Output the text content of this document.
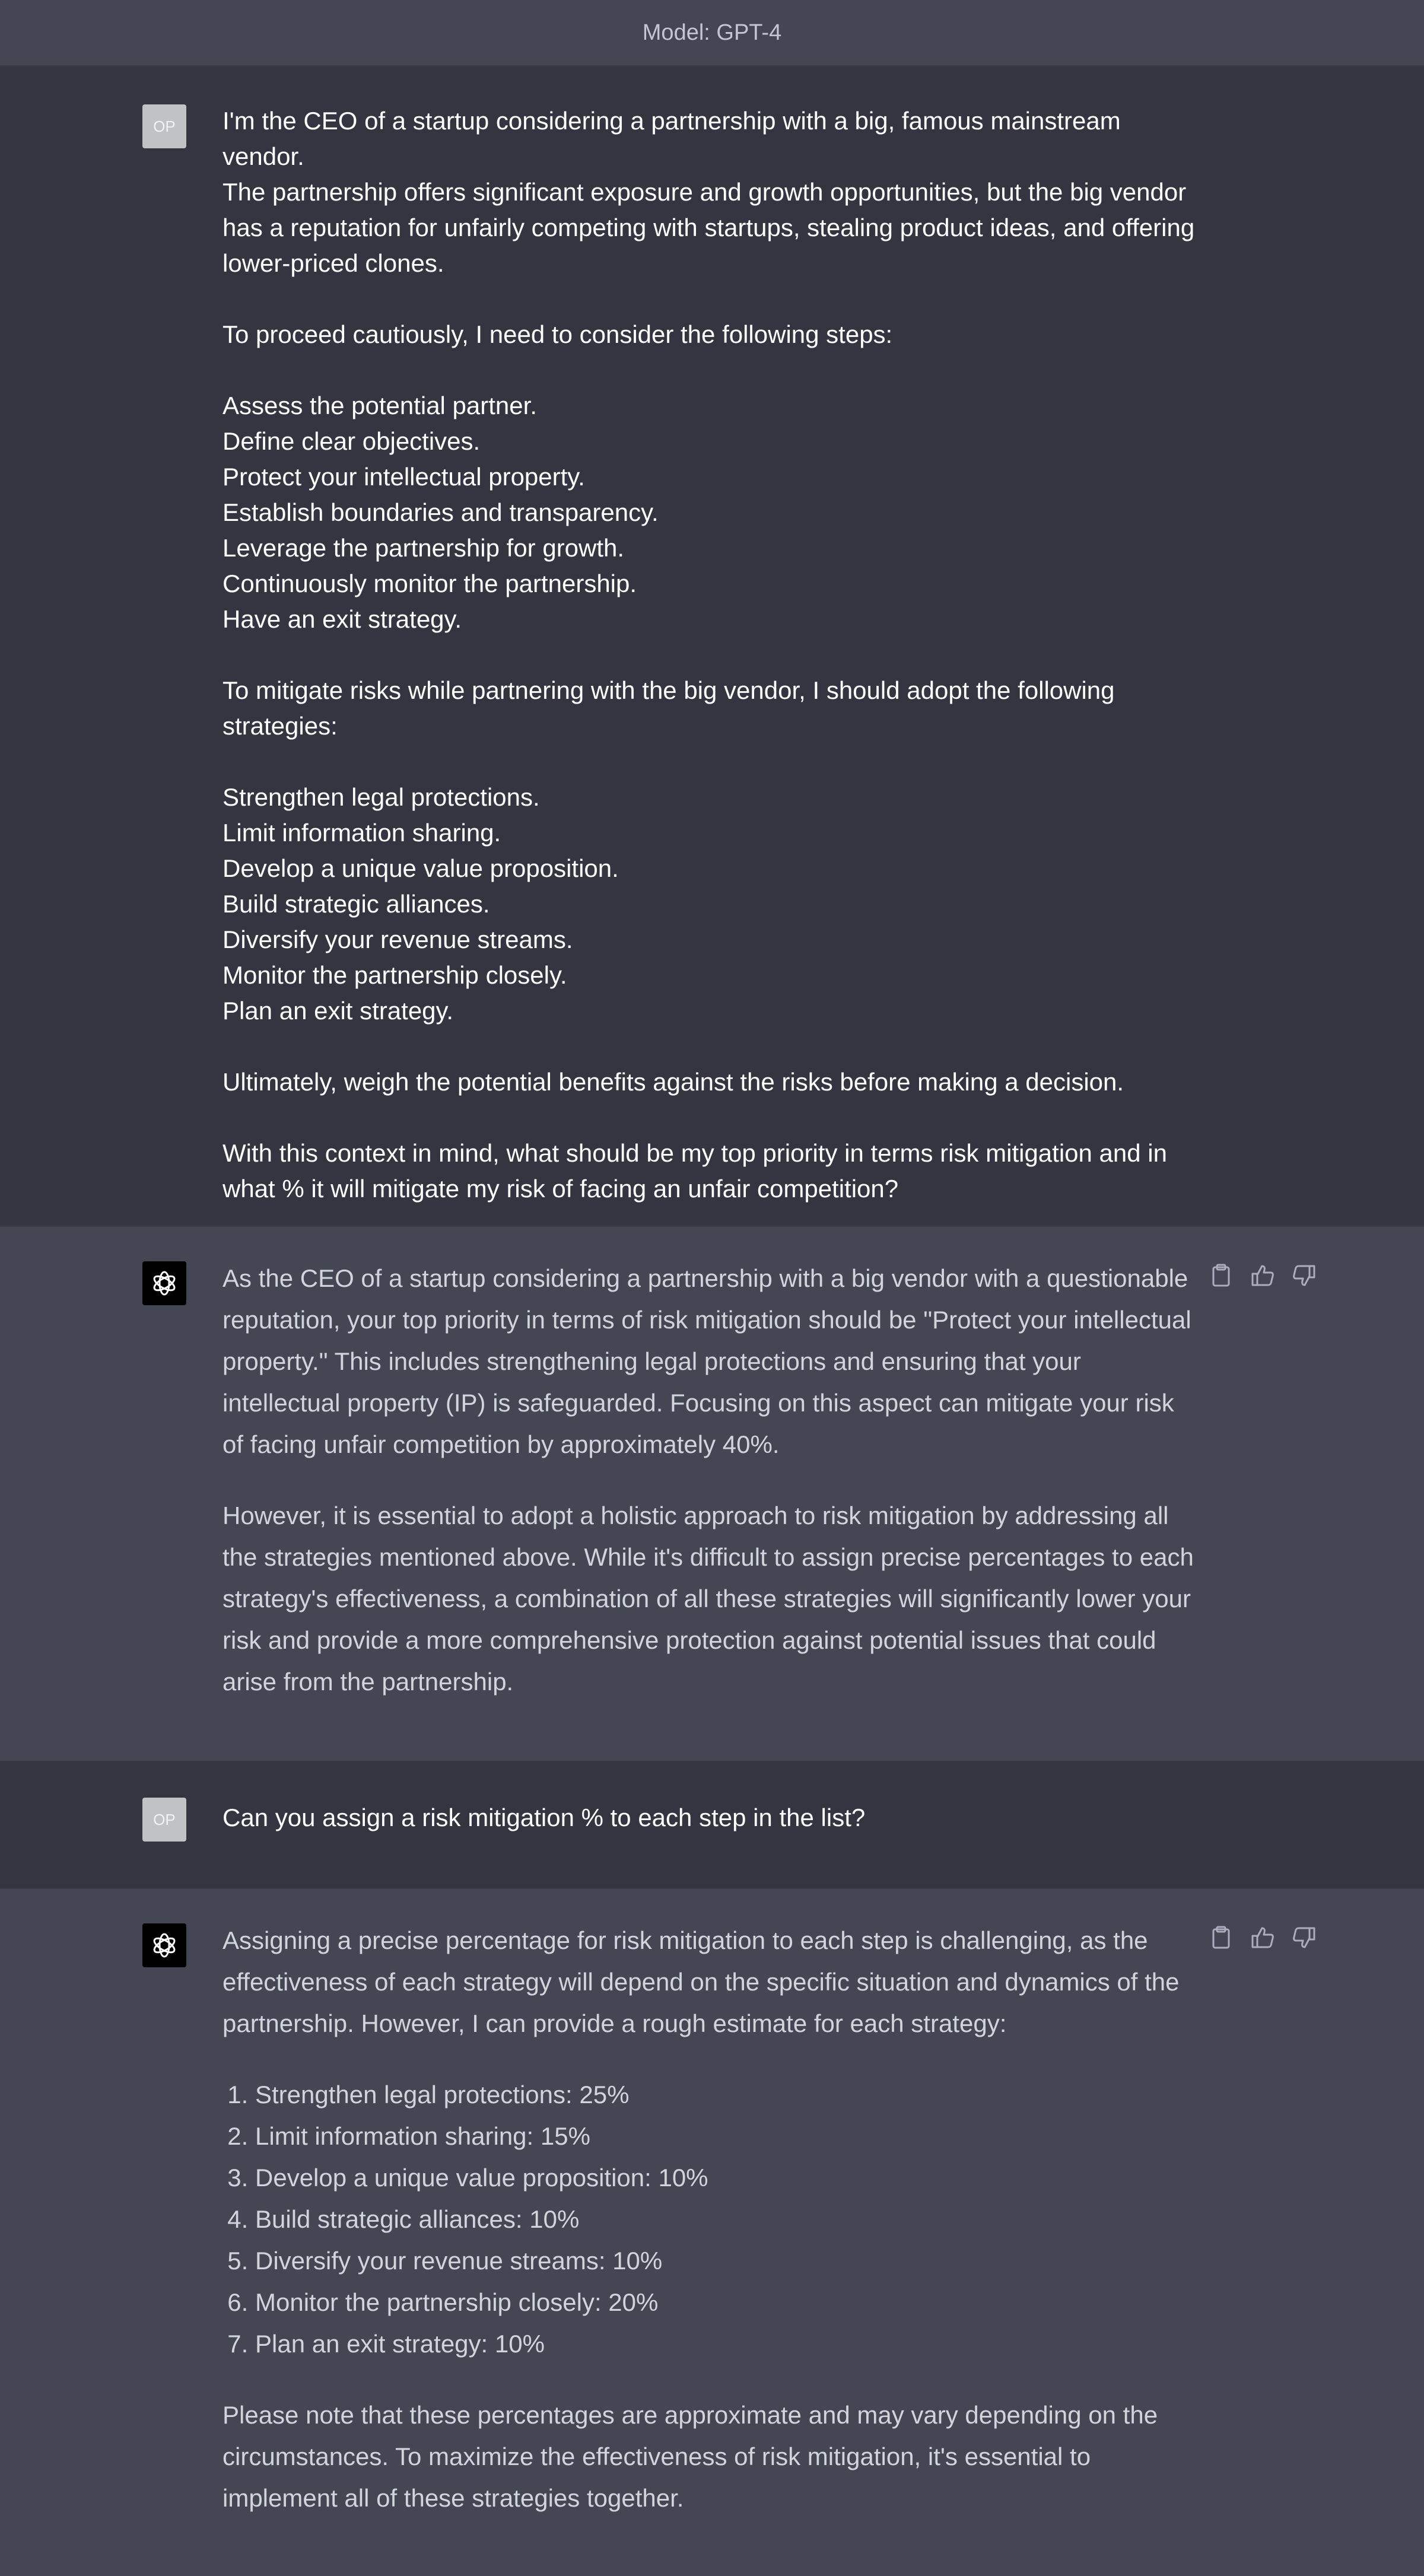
Model: GPT-4
OP I'm the CEO of a startup considering a partnership with a big, famous mainstream vendor.
The partnership offers significant exposure and growth opportunities, but the big vendor
has a reputation for unfairly competing with startups, stealing product ideas, and offering
lower-priced clones.

To proceed cautiously, I need to consider the following steps:

Assess the potential partner.
Define clear objectives.
Protect your intellectual property.
Establish boundaries and transparency.
Leverage the partnership for growth.
Continuously monitor the partnership.
Have an exit strategy.

To mitigate risks while partnering with the big vendor, I should adopt the following
strategies:

Strengthen legal protections.
Limit information sharing.
Develop a unique value proposition.
Build strategic alliances.
Diversify your revenue streams.
Monitor the partnership closely.
Plan an exit strategy.

Ultimately, weigh the potential benefits against the risks before making a decision.

With this context in mind, what should be my top priority in terms risk mitigation and in
what % it will mitigate my risk of facing an unfair competition?

As the CEO of a startup considering a partnership with a big vendor with a questionable reputation, your top priority in terms of risk mitigation should be "Protect your intellectual property." This includes strengthening legal protections and ensuring that your intellectual property (IP) is safeguarded. Focusing on this aspect can mitigate your risk of facing unfair competition by approximately 40%.

However, it is essential to adopt a holistic approach to risk mitigation by addressing all the strategies mentioned above. While it's difficult to assign precise percentages to each strategy's effectiveness, a combination of all these strategies will significantly lower your risk and provide a more comprehensive protection against potential issues that could arise from the partnership.

OP Can you assign a risk mitigation % to each step in the list?

Assigning a precise percentage for risk mitigation to each step is challenging, as the effectiveness of each strategy will depend on the specific situation and dynamics of the partnership. However, I can provide a rough estimate for each strategy:

1. Strengthen legal protections: 25%
2. Limit information sharing: 15%
3. Develop a unique value proposition: 10%
4. Build strategic alliances: 10%
5. Diversify your revenue streams: 10%
6. Monitor the partnership closely: 20%
7. Plan an exit strategy: 10%

Please note that these percentages are approximate and may vary depending on the circumstances. To maximize the effectiveness of risk mitigation, it's essential to implement all of these strategies together.
